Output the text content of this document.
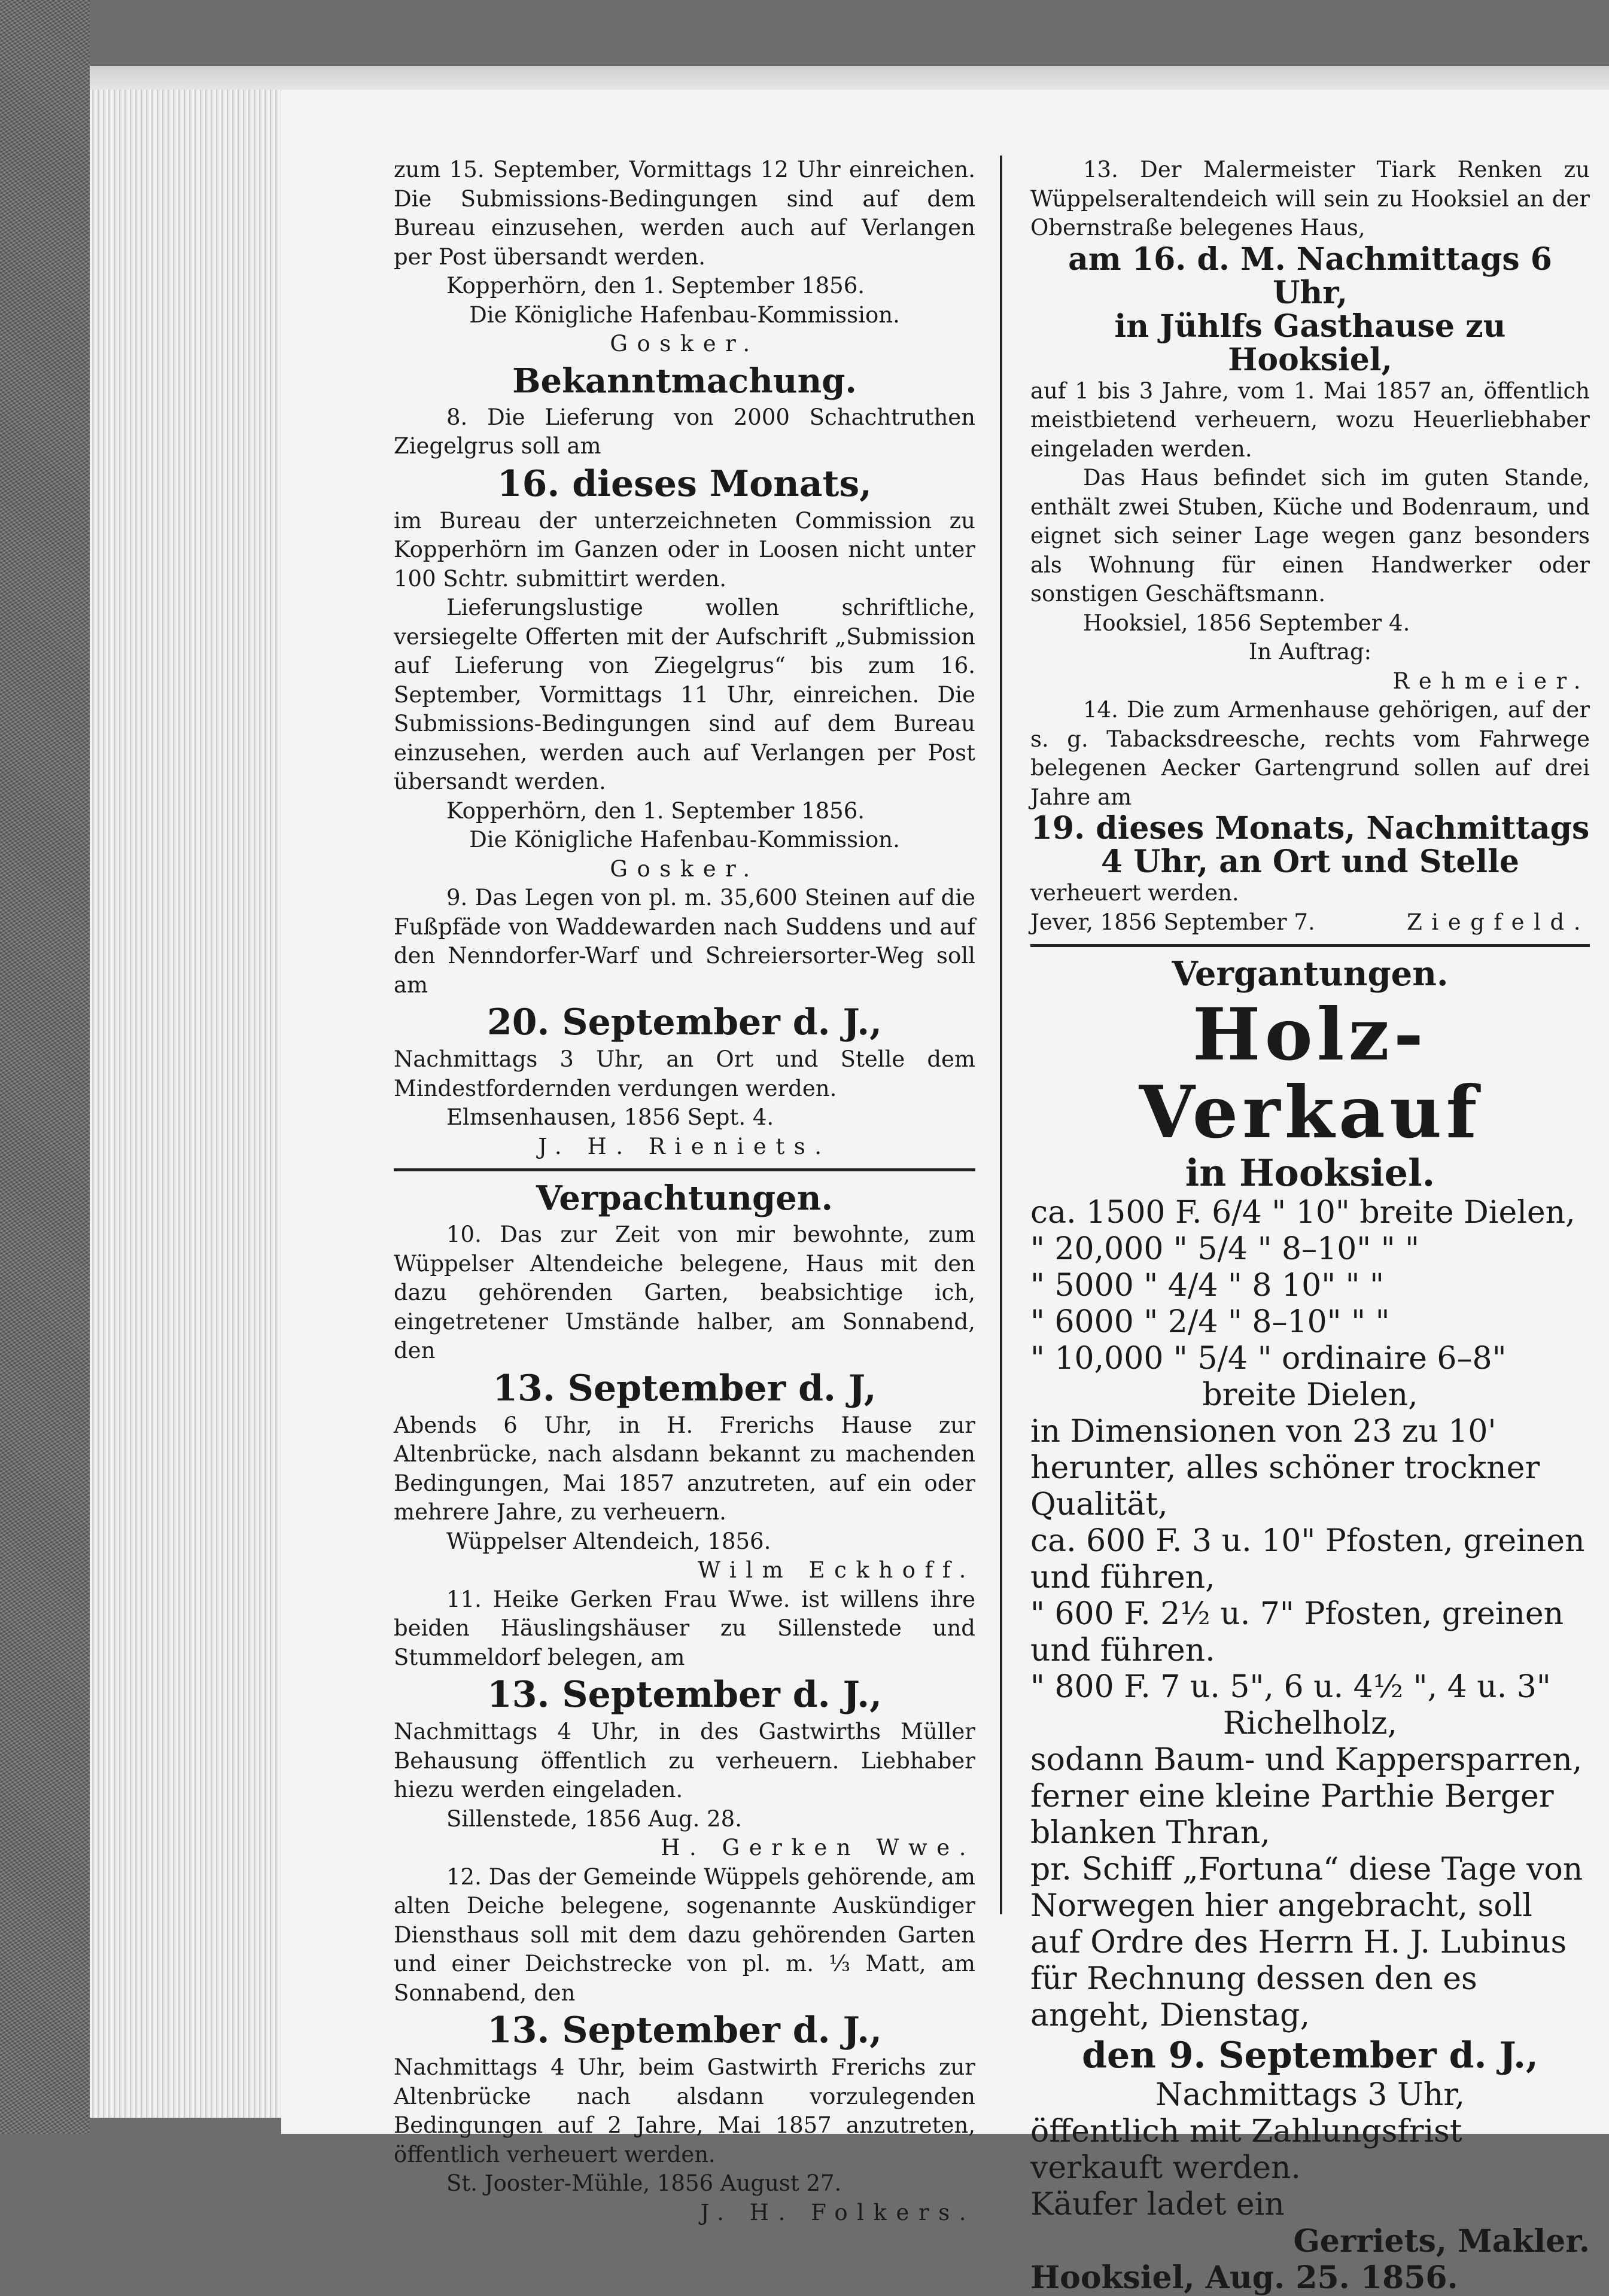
zum 15. September, Vormittags 12 Uhr einreichen. Die Submissions-Bedingungen sind auf dem Bureau einzusehen, werden auch auf Verlangen per Post übersandt werden.

Kopperhörn, den 1. September 1856.

Die Königliche Hafenbau-Kommission.

Gosker.

Bekanntmachung.

8. Die Lieferung von 2000 Schachtruthen Ziegelgrus soll am

16. dieses Monats,

im Bureau der unterzeichneten Commission zu Kopperhörn im Ganzen oder in Loosen nicht unter 100 Schtr. submittirt werden.

Lieferungslustige wollen schriftliche, versiegelte Offerten mit der Aufschrift „Submission auf Lieferung von Ziegelgrus“ bis zum 16. September, Vormittags 11 Uhr, einreichen. Die Submissions-Bedingungen sind auf dem Bureau einzusehen, werden auch auf Verlangen per Post übersandt werden.

Kopperhörn, den 1. September 1856.

Die Königliche Hafenbau-Kommission.

Gosker.

9. Das Legen von pl. m. 35,600 Steinen auf die Fußpfäde von Waddewarden nach Suddens und auf den Nenndorfer-Warf und Schreiersorter-Weg soll am

20. September d. J.,

Nachmittags 3 Uhr, an Ort und Stelle dem Mindestfordernden verdungen werden.

Elmsenhausen, 1856 Sept. 4.

J. H. Rieniets.

Verpachtungen.

10. Das zur Zeit von mir bewohnte, zum Wüppelser Altendeiche belegene, Haus mit den dazu gehörenden Garten, beabsichtige ich, eingetretener Umstände halber, am Sonnabend, den

13. September d. J,

Abends 6 Uhr, in H. Frerichs Hause zur Altenbrücke, nach alsdann bekannt zu machenden Bedingungen, Mai 1857 anzutreten, auf ein oder mehrere Jahre, zu verheuern.

Wüppelser Altendeich, 1856.

Wilm Eckhoff.

11. Heike Gerken Frau Wwe. ist willens ihre beiden Häuslingshäuser zu Sillenstede und Stummeldorf belegen, am

13. September d. J.,

Nachmittags 4 Uhr, in des Gastwirths Müller Behausung öffentlich zu verheuern. Liebhaber hiezu werden eingeladen.

Sillenstede, 1856 Aug. 28.

H. Gerken Wwe.

12. Das der Gemeinde Wüppels gehörende, am alten Deiche belegene, sogenannte Auskündiger Diensthaus soll mit dem dazu gehörenden Garten und einer Deichstrecke von pl. m. ⅓ Matt, am Sonnabend, den

13. September d. J.,

Nachmittags 4 Uhr, beim Gastwirth Frerichs zur Altenbrücke nach alsdann vorzulegenden Bedingungen auf 2 Jahre, Mai 1857 anzutreten, öffentlich verheuert werden.

St. Jooster-Mühle, 1856 August 27.

J. H. Folkers.

13. Der Malermeister Tiark Renken zu Wüppelseraltendeich will sein zu Hooksiel an der Obernstraße belegenes Haus,

am 16. d. M. Nachmittags 6 Uhr,

in Jühlfs Gasthause zu Hooksiel,

auf 1 bis 3 Jahre, vom 1. Mai 1857 an, öffentlich meistbietend verheuern, wozu Heuerliebhaber eingeladen werden.

Das Haus befindet sich im guten Stande, enthält zwei Stuben, Küche und Bodenraum, und eignet sich seiner Lage wegen ganz besonders als Wohnung für einen Handwerker oder sonstigen Geschäftsmann.

Hooksiel, 1856 September 4.

In Auftrag:

Rehmeier.

14. Die zum Armenhause gehörigen, auf der s. g. Tabacksdreesche, rechts vom Fahrwege belegenen Aecker Gartengrund sollen auf drei Jahre am

19. dieses Monats, Nachmittags

4 Uhr, an Ort und Stelle

verheuert werden.

Jever, 1856 September 7.	Ziegfeld.

Vergantungen.

Holz-Verkauf

in Hooksiel.

ca. 1500 F. 6/4 " 10" breite Dielen,

" 20,000 " 5/4 " 8–10" " "

" 5000 " 4/4 " 8 10" " "

" 6000 " 2/4 " 8–10" " "

" 10,000 " 5/4 " ordinaire 6–8"

breite Dielen,

in Dimensionen von 23 zu 10' herunter, alles schöner trockner Qualität,

ca. 600 F. 3 u. 10" Pfosten, greinen und führen,

" 600 F. 2½ u. 7" Pfosten, greinen und führen.

" 800 F. 7 u. 5", 6 u. 4½ ", 4 u. 3"

Richelholz,

sodann Baum- und Kappersparren, ferner eine kleine Parthie Berger blanken Thran,

pr. Schiff „Fortuna“ diese Tage von Norwegen hier angebracht, soll auf Ordre des Herrn H. J. Lubinus für Rechnung dessen den es angeht, Dienstag,

den 9. September d. J.,

Nachmittags 3 Uhr,

öffentlich mit Zahlungsfrist verkauft werden.

Käufer ladet ein

Gerriets, Makler.

Hooksiel, Aug. 25. 1856.
